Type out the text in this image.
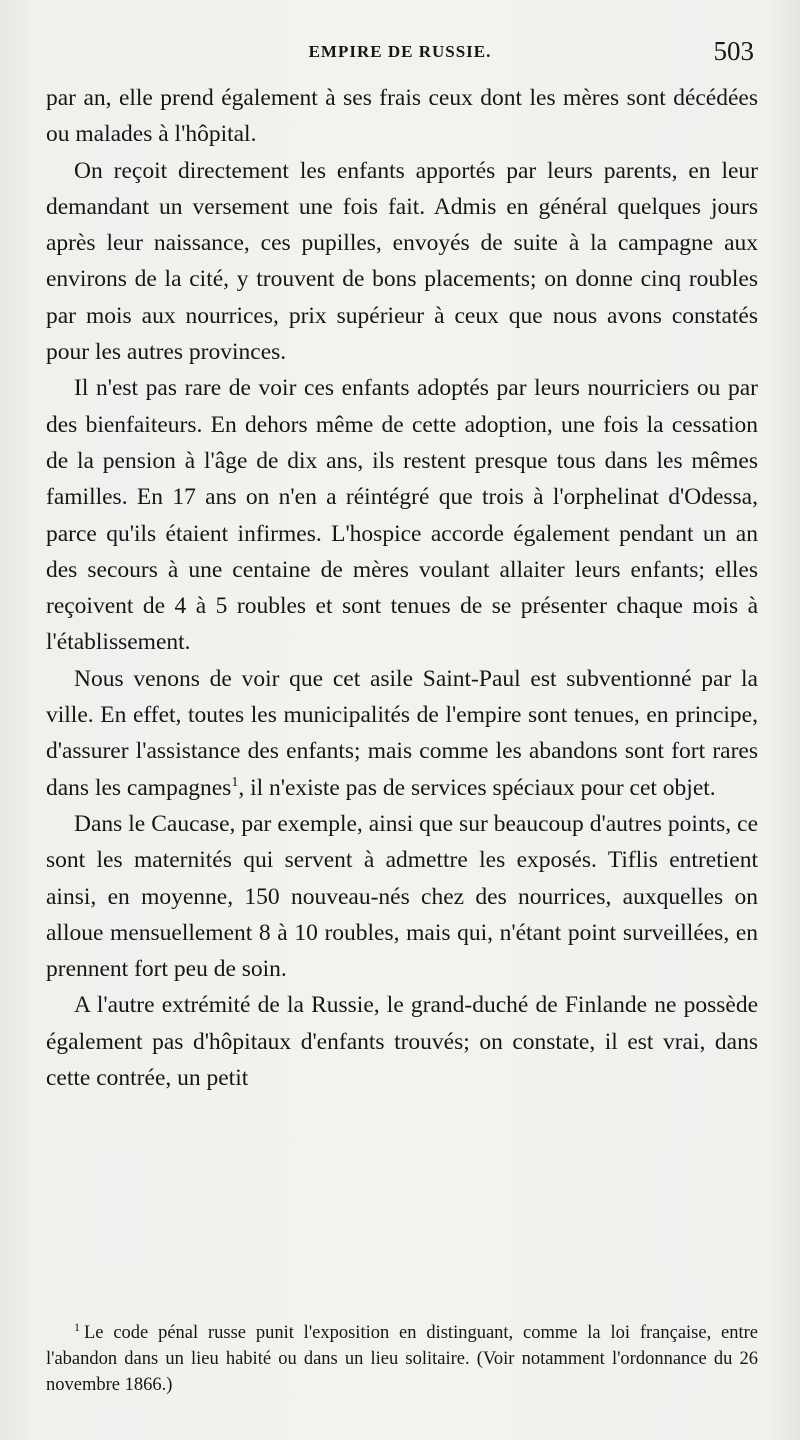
EMPIRE DE RUSSIE.	503

par an, elle prend également à ses frais ceux dont les mères sont décédées ou malades à l'hôpital.

On reçoit directement les enfants apportés par leurs parents, en leur demandant un versement une fois fait. Admis en général quelques jours après leur naissance, ces pupilles, envoyés de suite à la campagne aux environs de la cité, y trouvent de bons placements; on donne cinq roubles par mois aux nourrices, prix supérieur à ceux que nous avons constatés pour les autres provinces.

Il n'est pas rare de voir ces enfants adoptés par leurs nourriciers ou par des bienfaiteurs. En dehors même de cette adoption, une fois la cessation de la pension à l'âge de dix ans, ils restent presque tous dans les mêmes familles. En 17 ans on n'en a réintégré que trois à l'orphelinat d'Odessa, parce qu'ils étaient infirmes. L'hospice accorde également pendant un an des secours à une centaine de mères voulant allaiter leurs enfants; elles reçoivent de 4 à 5 roubles et sont tenues de se présenter chaque mois à l'établissement.

Nous venons de voir que cet asile Saint-Paul est subventionné par la ville. En effet, toutes les municipalités de l'empire sont tenues, en principe, d'assurer l'assistance des enfants; mais comme les abandons sont fort rares dans les campagnes$^1$, il n'existe pas de services spéciaux pour cet objet.

Dans le Caucase, par exemple, ainsi que sur beaucoup d'autres points, ce sont les maternités qui servent à admettre les exposés. Tiflis entretient ainsi, en moyenne, 150 nouveau-nés chez des nourrices, auxquelles on alloue mensuellement 8 à 10 roubles, mais qui, n'étant point surveillées, en prennent fort peu de soin.

A l'autre extrémité de la Russie, le grand-duché de Finlande ne possède également pas d'hôpitaux d'enfants trouvés; on constate, il est vrai, dans cette contrée, un petit

$^1$ Le code pénal russe punit l'exposition en distinguant, comme la loi française, entre l'abandon dans un lieu habité ou dans un lieu solitaire. (Voir notamment l'ordonnance du 26 novembre 1866.)
